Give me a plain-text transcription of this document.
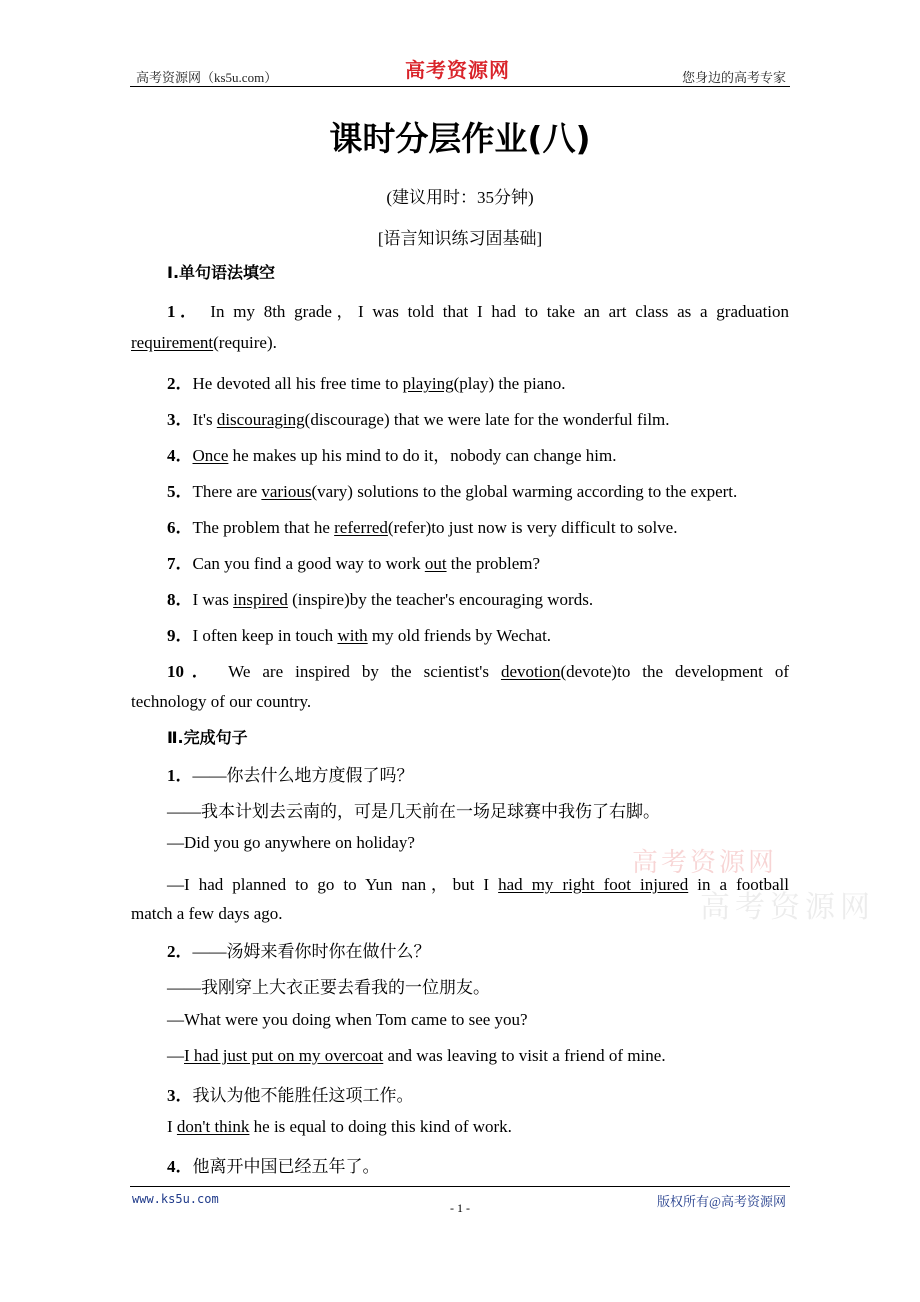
高考资源网（ks5u.com）	高考资源网	您身边的高考专家
课时分层作业(八)
(建议用时：35分钟)
[语言知识练习固基础]
Ⅰ.单句语法填空
1． In my 8th grade，I was told that I had to take an art class as a graduation
requirement(require).
2．He devoted all his free time to playing(play) the piano.
3．It's discouraging(discourage) that we were late for the wonderful film.
4．Once he makes up his mind to do it，nobody can change him.
5．There are various(vary) solutions to the global warming according to the expert.
6．The problem that he referred(refer)to just now is very difficult to solve.
7．Can you find a good way to work out the problem?
8．I was inspired (inspire)by the teacher's encouraging words.
9．I often keep in touch with my old friends by Wechat.
10． We are inspired by the scientist's devotion(devote)to the development of
technology of our country.
Ⅱ.完成句子
1．——你去什么地方度假了吗？
——我本计划去云南的，可是几天前在一场足球赛中我伤了右脚。
—Did you go anywhere on holiday?
—I had planned to go to Yun nan，but I had my right foot injured in a football
match a few days ago.
2．——汤姆来看你时你在做什么？
——我刚穿上大衣正要去看我的一位朋友。
—What were you doing when Tom came to see you?
—I had just put on my overcoat and was leaving to visit a friend of mine.
3．我认为他不能胜任这项工作。
I don't think he is equal to doing this kind of work.
4．他离开中国已经五年了。
高考资源网
高考资源网
www.ks5u.com
- 1 -	版权所有@高考资源网
